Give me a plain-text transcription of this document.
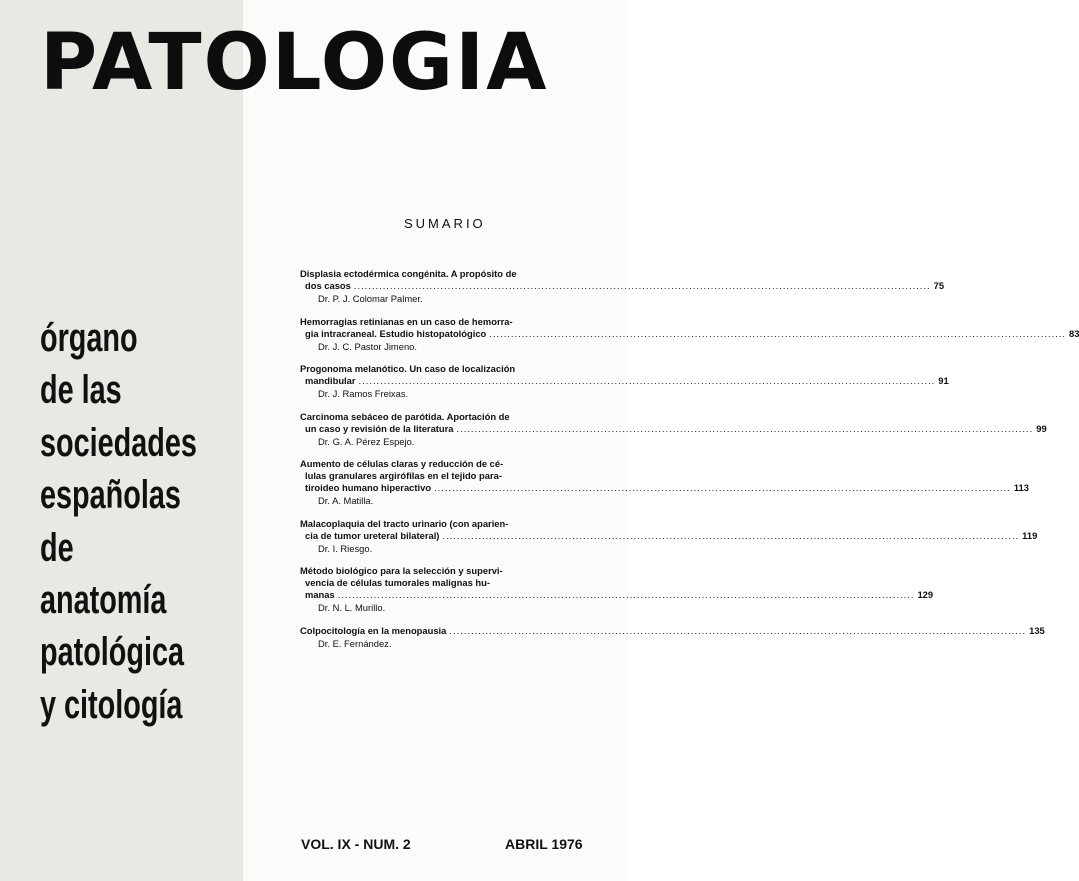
PATOLOGIA
órgano
de las
sociedades
españolas
de
anatomía
patológica
y citología
SUMARIO
Displasia ectodérmica congénita. A propósito de
dos casos ................................................................................................................................................................ 75
Dr. P. J. Colomar Palmer.
Hemorragias retinianas en un caso de hemorra-
gia intracraneal. Estudio histopatológico ................................................................................................................................................................ 83
Dr. J. C. Pastor Jimeno.
Progonoma melanótico. Un caso de localización
mandibular ................................................................................................................................................................ 91
Dr. J. Ramos Freixas.
Carcinoma sebáceo de parótida. Aportación de
un caso y revisión de la literatura ................................................................................................................................................................ 99
Dr. G. A. Pérez Espejo.
Aumento de células claras y reducción de cé-
lulas granulares argirófilas en el tejido para-
tiroideo humano hiperactivo ................................................................................................................................................................ 113
Dr. A. Matilla.
Malacoplaquia del tracto urinario (con aparien-
cia de tumor ureteral bilateral) ................................................................................................................................................................ 119
Dr. I. Riesgo.
Método biológico para la selección y supervi-
vencia de células tumorales malignas hu-
manas ................................................................................................................................................................ 129
Dr. N. L. Murillo.
Colpocitología en la menopausia ................................................................................................................................................................ 135
Dr. E. Fernández.
VOL. IX - NUM. 2	ABRIL 1976
